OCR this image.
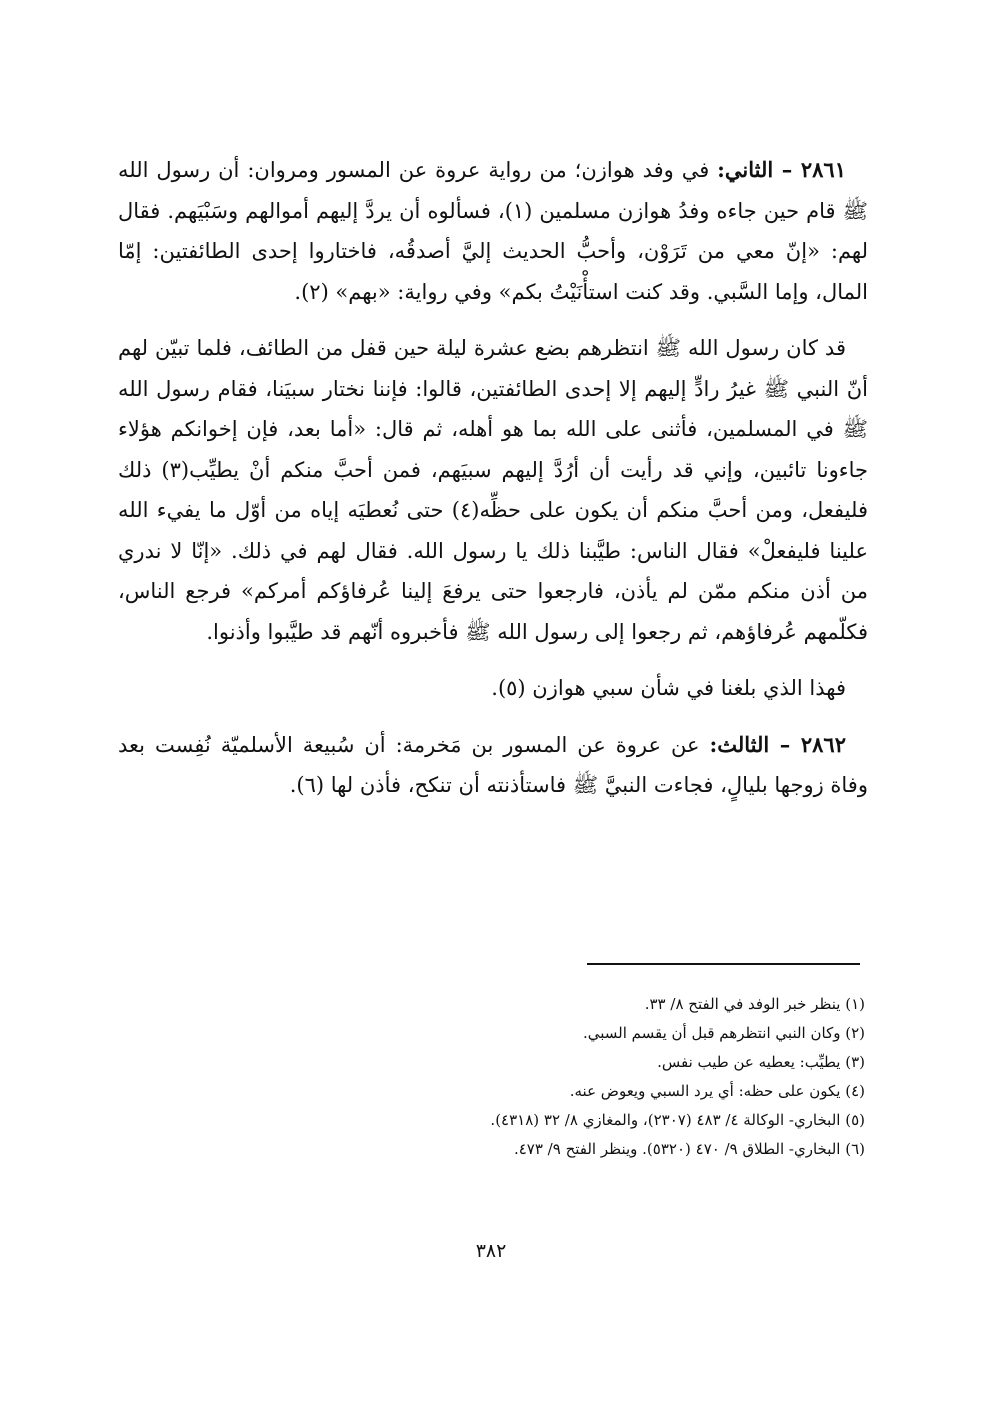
٢٨٦١ – الثاني: في وفد هوازن؛ من رواية عروة عن المسور ومروان: أن رسول الله ﷺ قام حين جاءه وفدُ هوازن مسلمين (١)، فسألوه أن يردَّ إليهم أموالهم وسَبْيَهم. فقال لهم: «إنّ معي من تَرَوْن، وأحبُّ الحديث إليَّ أصدقُه، فاختاروا إحدى الطائفتين: إمّا المال، وإما السَّبي. وقد كنت استأْنَيْتُ بكم» وفي رواية: «بهم» (٢).

قد كان رسول الله ﷺ انتظرهم بضع عشرة ليلة حين قفل من الطائف، فلما تبيّن لهم أنّ النبي ﷺ غيرُ رادٍّ إليهم إلا إحدى الطائفتين، قالوا: فإننا نختار سبيَنا، فقام رسول الله ﷺ في المسلمين، فأثنى على الله بما هو أهله، ثم قال: «أما بعد، فإن إخوانكم هؤلاء جاءونا تائبين، وإني قد رأيت أن أرُدَّ إليهم سبيَهم، فمن أحبَّ منكم أنْ يطيِّب(٣) ذلك فليفعل، ومن أحبَّ منكم أن يكون على حظِّه(٤) حتى نُعطيَه إياه من أوّل ما يفيء الله علينا فليفعلْ» فقال الناس: طيَّبنا ذلك يا رسول الله. فقال لهم في ذلك. «إنّا لا ندري من أذن منكم ممّن لم يأذن، فارجعوا حتى يرفعَ إلينا عُرفاؤكم أمركم» فرجع الناس، فكلّمهم عُرفاؤهم، ثم رجعوا إلى رسول الله ﷺ فأخبروه أنّهم قد طيَّبوا وأذنوا.

فهذا الذي بلغنا في شأن سبي هوازن (٥).

٢٨٦٢ – الثالث: عن عروة عن المسور بن مَخرمة: أن سُبيعة الأسلميّة نُفِست بعد وفاة زوجها بليالٍ، فجاءت النبيَّ ﷺ فاستأذنته أن تنكح، فأذن لها (٦).

(١) ينظر خبر الوفد في الفتح ٨/ ٣٣.
(٢) وكان النبي انتظرهم قبل أن يقسم السبي.
(٣) يطيِّب: يعطيه عن طيب نفس.
(٤) يكون على حظه: أي يرد السبي ويعوض عنه.
(٥) البخاري- الوكالة ٤/ ٤٨٣ (٢٣٠٧)، والمغازي ٨/ ٣٢ (٤٣١٨).
(٦) البخاري- الطلاق ٩/ ٤٧٠ (٥٣٢٠). وينظر الفتح ٩/ ٤٧٣.
٣٨٢
